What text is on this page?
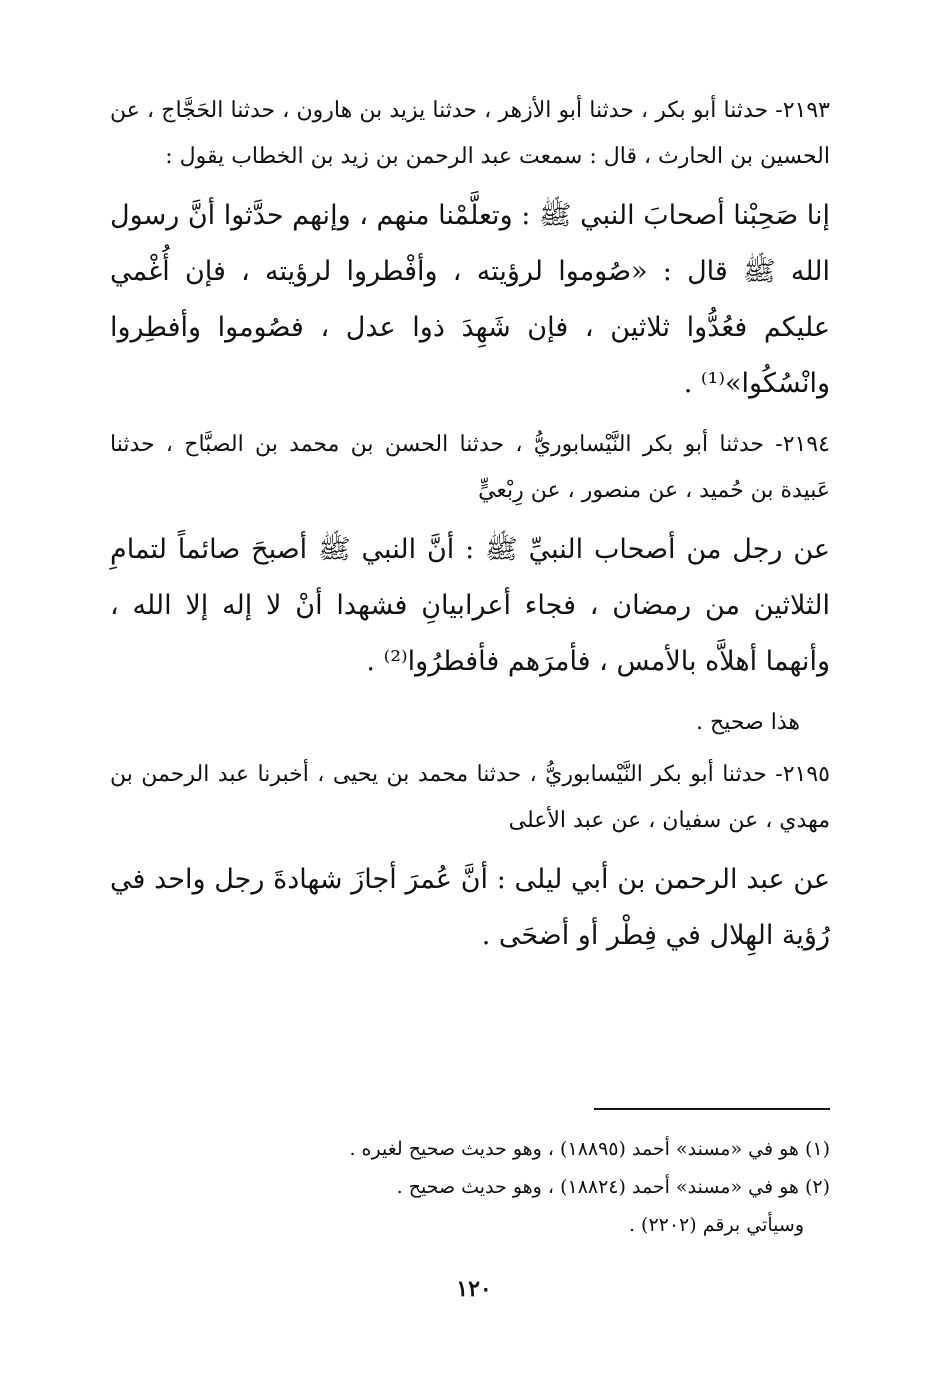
٢١٩٣- حدثنا أبو بكر ، حدثنا أبو الأزهر ، حدثنا يزيد بن هارون ، حدثنا الحَجَّاج ، عن الحسين بن الحارث ، قال : سمعت عبد الرحمن بن زيد بن الخطاب يقول :

إنا صَحِبْنا أصحابَ النبي ﷺ : وتعلَّمْنا منهم ، وإنهم حدَّثوا أنَّ رسول الله ﷺ قال : «صُوموا لرؤيته ، وأفْطروا لرؤيته ، فإن أُغْمي عليكم فعُدُّوا ثلاثين ، فإن شَهِدَ ذوا عدل ، فصُوموا وأفطِروا وانْسُكُوا»⁽¹⁾ .

٢١٩٤- حدثنا أبو بكر النَّيْسابوريُّ ، حدثنا الحسن بن محمد بن الصبَّاح ، حدثنا عَبيدة بن حُميد ، عن منصور ، عن رِبْعيٍّ

عن رجل من أصحاب النبيِّ ﷺ : أنَّ النبي ﷺ أصبحَ صائماً لتمامِ الثلاثين من رمضان ، فجاء أعرابيانِ فشهدا أنْ لا إله إلا الله ، وأنهما أهلاَّه بالأمس ، فأمرَهم فأفطرُوا⁽²⁾ .

هذا صحيح .

٢١٩٥- حدثنا أبو بكر النَّيْسابوريُّ ، حدثنا محمد بن يحيى ، أخبرنا عبد الرحمن بن مهدي ، عن سفيان ، عن عبد الأعلى

عن عبد الرحمن بن أبي ليلى : أنَّ عُمرَ أجازَ شهادةَ رجل واحد في رُؤية الهِلال في فِطْر أو أضحَى .

(١) هو في «مسند» أحمد (١٨٨٩٥) ، وهو حديث صحيح لغيره .

(٢) هو في «مسند» أحمد (١٨٨٢٤) ، وهو حديث صحيح .

وسيأتي برقم (٢٢٠٢) .

١٢٠
